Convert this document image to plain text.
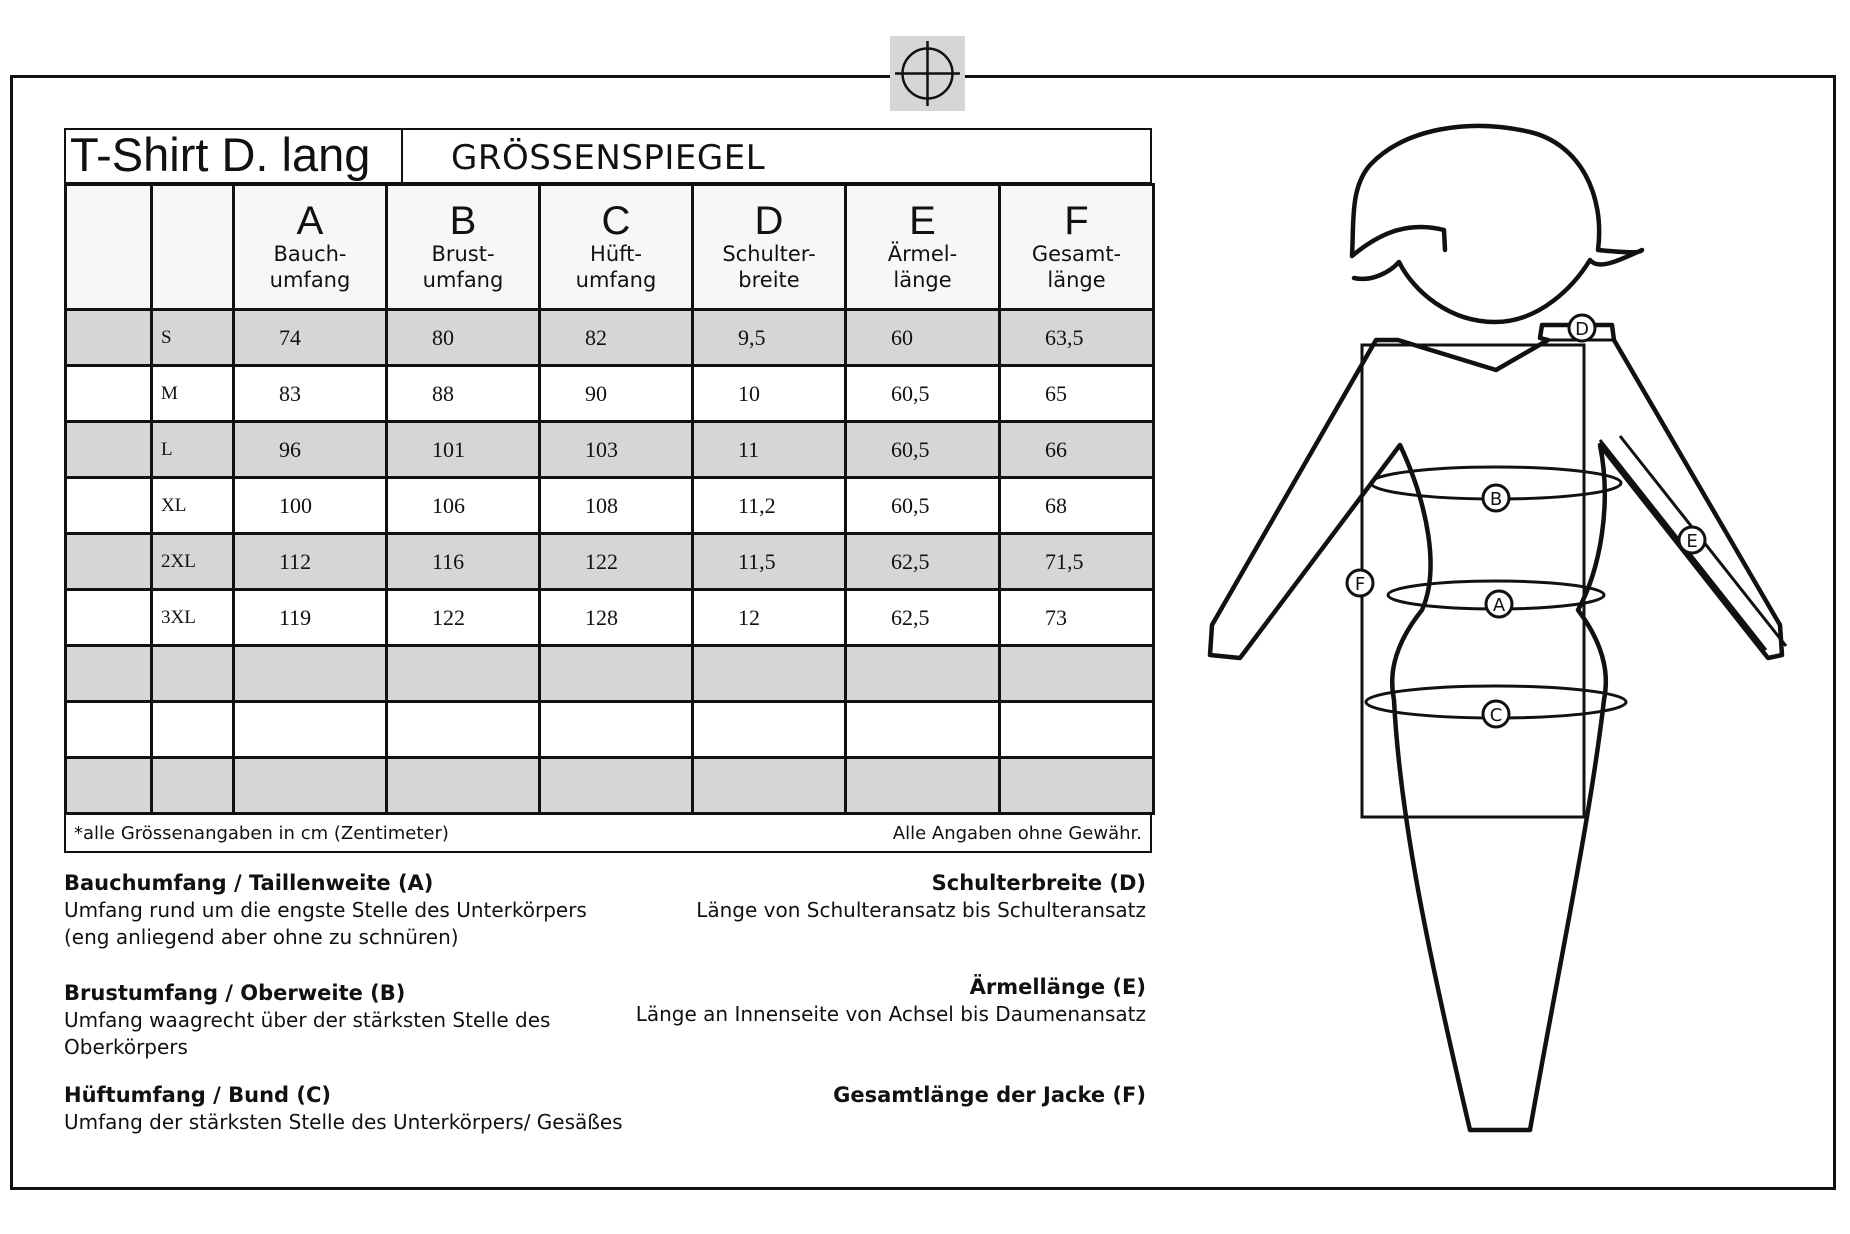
T-Shirt D. lang	GRÖSSENSPIEGEL

		A
Bauch-
umfang	B
Brust-
umfang	C
Hüft-
umfang	D
Schulter-
breite	E
Ärmel-
länge	F
Gesamt-
länge

	S	74	80	82	9,5	60	63,5
	M	83	88	90	10	60,5	65
	L	96	101	103	11	60,5	66
	XL	100	106	108	11,2	60,5	68
	2XL	112	116	122	11,5	62,5	71,5
	3XL	119	122	128	12	62,5	73

*alle Grössenangaben in cm (Zentimeter)	Alle Angaben ohne Gewähr.
Bauchumfang / Taillenweite (A)
Umfang rund um die engste Stelle des Unterkörpers
(eng anliegend aber ohne zu schnüren)
Brustumfang / Oberweite (B)
Umfang waagrecht über der stärksten Stelle des
Oberkörpers
Hüftumfang / Bund (C)
Umfang der stärksten Stelle des Unterkörpers/ Gesäßes
Schulterbreite (D)
Länge von Schulteransatz bis Schulteransatz
Ärmellänge (E)
Länge an Innenseite von Achsel bis Daumenansatz
Gesamtlänge der Jacke (F)
D
B
A
C
F
E
